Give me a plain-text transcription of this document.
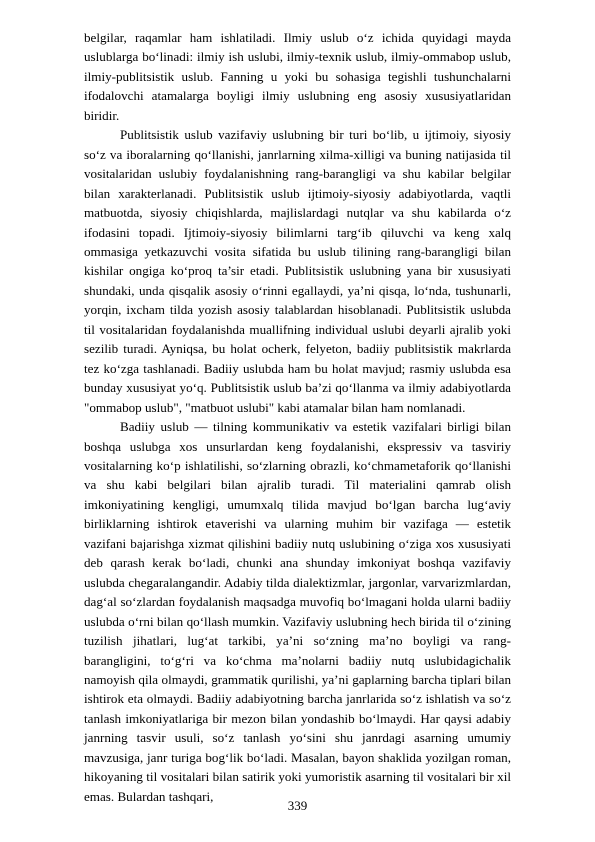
belgilar, raqamlar ham ishlatiladi. Ilmiy uslub o‘z ichida quyidagi mayda uslublarga bo‘linadi: ilmiy ish uslubi, ilmiy-texnik uslub, ilmiy-ommabop uslub, ilmiy-publitsistik uslub. Fanning u yoki bu sohasiga tegishli tushunchalarni ifodalovchi atamalarga boyligi ilmiy uslubning eng asosiy xususiyatlaridan biridir.

Publitsistik uslub vazifaviy uslubning bir turi bo‘lib, u ijtimoiy, siyosiy so‘z va iboralarning qo‘llanishi, janrlarning xilma-xilligi va buning natijasida til vositalaridan uslubiy foydalanishning rang-barangligi va shu kabilar belgilar bilan xarakterlanadi. Publitsistik uslub ijtimoiy-siyosiy adabiyotlarda, vaqtli matbuotda, siyosiy chiqishlarda, majlislardagi nutqlar va shu kabilarda o‘z ifodasini topadi. Ijtimoiy-siyosiy bilimlarni targ‘ib qiluvchi va keng xalq ommasiga yetkazuvchi vosita sifatida bu uslub tilining rang-barangligi bilan kishilar ongiga ko‘proq ta’sir etadi. Publitsistik uslubning yana bir xususiyati shundaki, unda qisqalik asosiy o‘rinni egallaydi, ya’ni qisqa, lo‘nda, tushunarli, yorqin, ixcham tilda yozish asosiy talablardan hisoblanadi. Publitsistik uslubda til vositalaridan foydalanishda muallifning individual uslubi deyarli ajralib yoki sezilib turadi. Ayniqsa, bu holat ocherk, felyeton, badiiy publitsistik makrlarda tez ko‘zga tashlanadi. Badiiy uslubda ham bu holat mavjud; rasmiy uslubda esa bunday xususiyat yo‘q. Publitsistik uslub ba’zi qo‘llanma va ilmiy adabiyotlarda "ommabop uslub", "matbuot uslubi" kabi atamalar bilan ham nomlanadi.

Badiiy uslub — tilning kommunikativ va estetik vazifalari birligi bilan boshqa uslubga xos unsurlardan keng foydalanishi, ekspressiv va tasviriy vositalarning ko‘p ishlatilishi, so‘zlarning obrazli, ko‘chmametaforik qo‘llanishi va shu kabi belgilari bilan ajralib turadi. Til materialini qamrab olish imkoniyatining kengligi, umumxalq tilida mavjud bo‘lgan barcha lug‘aviy birliklarning ishtirok etaverishi va ularning muhim bir vazifaga — estetik vazifani bajarishga xizmat qilishini badiiy nutq uslubining o‘ziga xos xususiyati deb qarash kerak bo‘ladi, chunki ana shunday imkoniyat boshqa vazifaviy uslubda chegaralangandir. Adabiy tilda dialektizmlar, jargonlar, varvarizmlardan, dag‘al so‘zlardan foydalanish maqsadga muvofiq bo‘lmagani holda ularni badiiy uslubda o‘rni bilan qo‘llash mumkin. Vazifaviy uslubning hech birida til o‘zining tuzilish jihatlari, lug‘at tarkibi, ya’ni so‘zning ma’no boyligi va rang-barangligini, to‘g‘ri va ko‘chma ma’nolarni badiiy nutq uslubidagichalik namoyish qila olmaydi, grammatik qurilishi, ya’ni gaplarning barcha tiplari bilan ishtirok eta olmaydi. Badiiy adabiyotning barcha janrlarida so‘z ishlatish va so‘z tanlash imkoniyatlariga bir mezon bilan yondashib bo‘lmaydi. Har qaysi adabiy janrning tasvir usuli, so‘z tanlash yo‘sini shu janrdagi asarning umumiy mavzusiga, janr turiga bog‘lik bo‘ladi. Masalan, bayon shaklida yozilgan roman, hikoyaning til vositalari bilan satirik yoki yumoristik asarning til vositalari bir xil emas. Bulardan tashqari,

339
